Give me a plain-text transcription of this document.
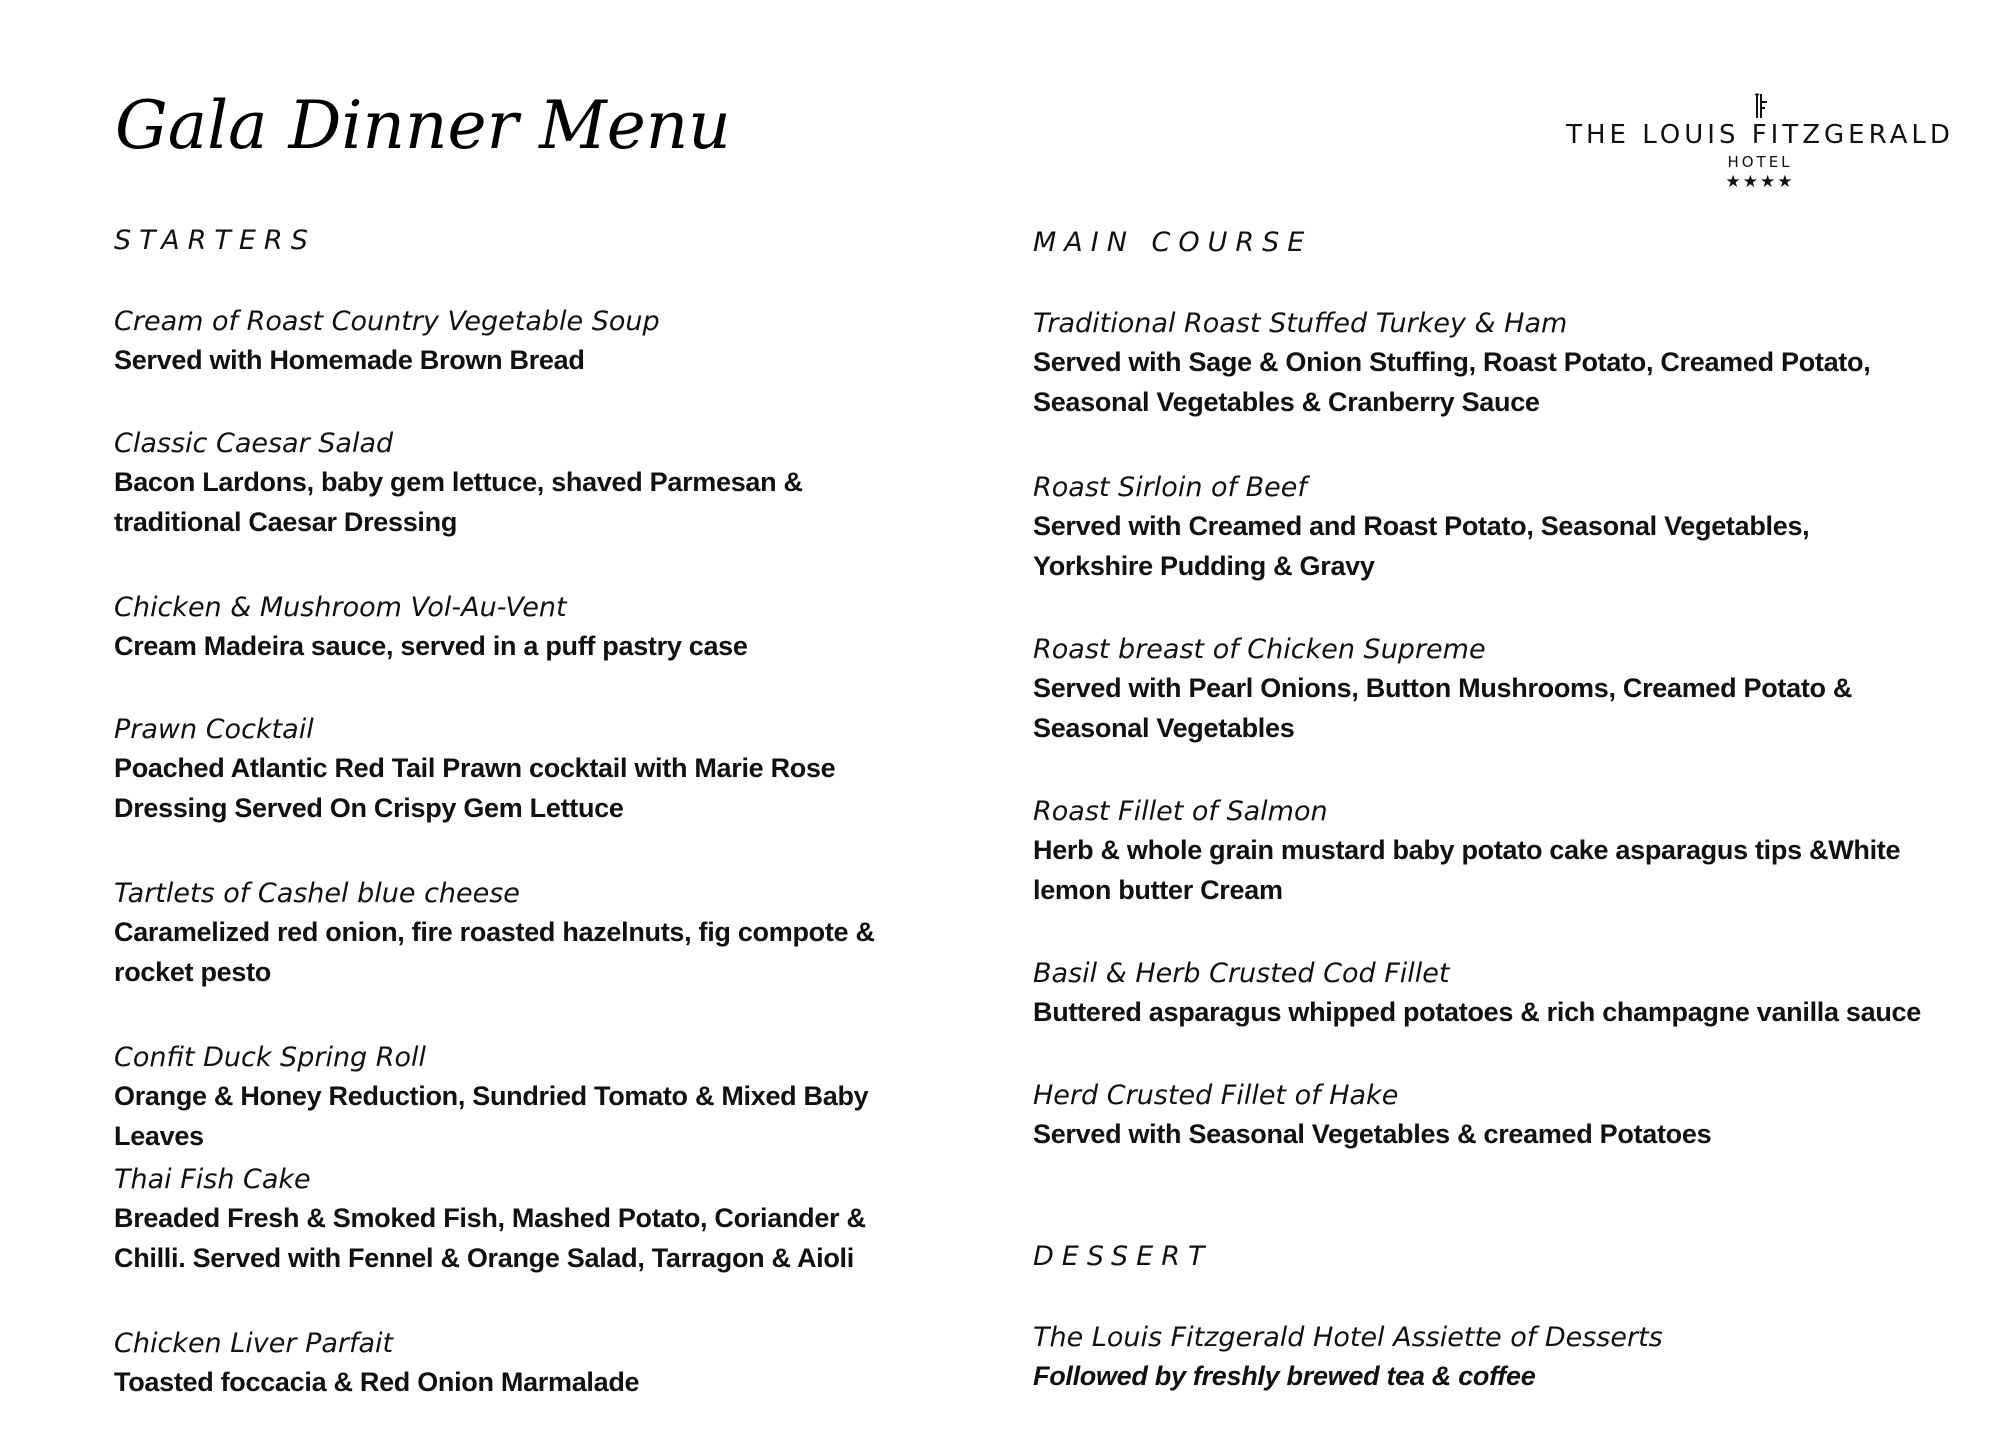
Gala Dinner Menu	THE LOUIS FITZGERALD
HOTEL
★★★★
STARTERS
Cream of Roast Country Vegetable Soup
Served with Homemade Brown Bread
Classic Caesar Salad
Bacon Lardons, baby gem lettuce, shaved Parmesan & traditional Caesar Dressing
Chicken & Mushroom Vol-Au-Vent
Cream Madeira sauce, served in a puff pastry case
Prawn Cocktail
Poached Atlantic Red Tail Prawn cocktail with Marie Rose Dressing Served On Crispy Gem Lettuce
Tartlets of Cashel blue cheese
Caramelized red onion, fire roasted hazelnuts, fig compote & rocket pesto
Confit Duck Spring Roll
Orange & Honey Reduction, Sundried Tomato & Mixed Baby Leaves
Thai Fish Cake
Breaded Fresh & Smoked Fish, Mashed Potato, Coriander & Chilli. Served with Fennel & Orange Salad, Tarragon & Aioli
Chicken Liver Parfait
Toasted foccacia & Red Onion Marmalade
MAIN COURSE
Traditional Roast Stuffed Turkey & Ham
Served with Sage & Onion Stuffing, Roast Potato, Creamed Potato, Seasonal Vegetables & Cranberry Sauce
Roast Sirloin of Beef
Served with Creamed and Roast Potato, Seasonal Vegetables, Yorkshire Pudding & Gravy
Roast breast of Chicken Supreme
Served with Pearl Onions, Button Mushrooms, Creamed Potato & Seasonal Vegetables
Roast Fillet of Salmon
Herb & whole grain mustard baby potato cake asparagus tips &White lemon butter Cream
Basil & Herb Crusted Cod Fillet
Buttered asparagus whipped potatoes & rich champagne vanilla sauce
Herd Crusted Fillet of Hake
Served with Seasonal Vegetables & creamed Potatoes
DESSERT
The Louis Fitzgerald Hotel Assiette of Desserts
Followed by freshly brewed tea & coffee
